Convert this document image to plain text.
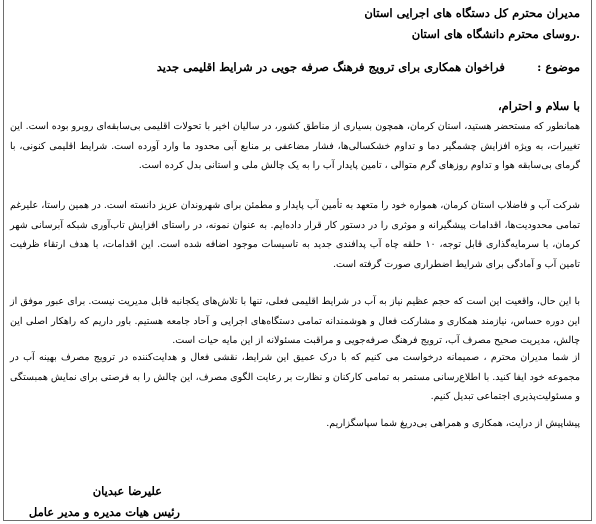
مدیران محترم کل دستگاه های اجرایی استان
.روسای محترم دانشگاه های استان
موضوع :  فراخوان همکاری برای ترویج فرهنگ صرفه جویی در شرایط اقلیمی جدید
با سلام و احترام،
همانطور که مستحضر هستید، استان کرمان، همچون بسیاری از مناطق کشور، در سالیان اخیر با تحولات اقلیمی بی‌سابقه‌ای روبرو بوده است. این تغییرات، به ویژه افزایش چشمگیر دما و تداوم خشکسالی‌ها، فشار مضاعفی بر منابع آبی محدود ما وارد آورده است. شرایط اقلیمی کنونی، با گرمای بی‌سابقه هوا و تداوم روزهای گرم متوالی ، تامین پایدار آب را به یک چالش ملی و استانی بدل کرده است.
شرکت آب و فاضلاب استان کرمان، همواره خود را متعهد به تأمین آب پایدار و مطمئن برای شهروندان عزیز دانسته است. در همین راستا، علیرغم تمامی محدودیت‌ها، اقدامات پیشگیرانه و موثری را در دستور کار قرار داده‌ایم. به عنوان نمونه، در راستای افزایش تاب‌آوری شبکه آبرسانی شهر کرمان، با سرمایه‌گذاری قابل توجه، ۱۰ حلقه چاه آب پدافندی جدید به تاسیسات موجود اضافه شده است. این اقدامات، با هدف ارتقاء ظرفیت تامین آب و آمادگی برای شرایط اضطراری صورت گرفته است.
با این حال، واقعیت این است که حجم عظیم نیاز به آب در شرایط اقلیمی فعلی، تنها با تلاش‌های یکجانبه قابل مدیریت نیست. برای عبور موفق از این دوره حساس، نیازمند همکاری و مشارکت فعال و هوشمندانه تمامی دستگاه‌های اجرایی و آحاد جامعه هستیم. باور داریم که راهکار اصلی این چالش، مدیریت صحیح مصرف آب، ترویج فرهنگ صرفه‌جویی و مراقبت مسئولانه از این مایه حیات است.
از شما مدیران محترم ، صمیمانه درخواست می کنیم که با درک عمیق این شرایط، نقشی فعال و هدایت‌کننده در ترویج مصرف بهینه آب در مجموعه خود ایفا کنید. با اطلاع‌رسانی مستمر به تمامی کارکنان و نظارت بر رعایت الگوی مصرف، این چالش را به فرصتی برای نمایش همبستگی و مسئولیت‌پذیری اجتماعی تبدیل کنیم.
پیشاپیش از درایت، همکاری و همراهی بی‌دریغ شما سپاسگزاریم.
علیرضا عبدیان
رئیس هیات مدیره و مدیر عامل
